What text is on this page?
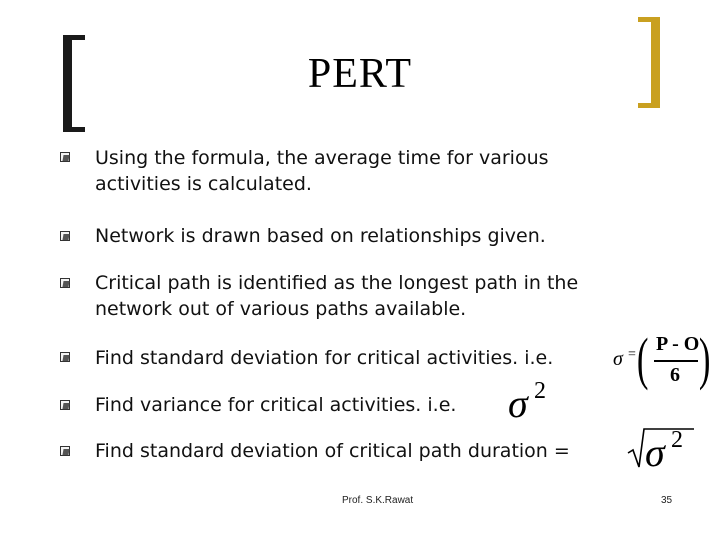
PERT
Using the formula, the average time for various
activities is calculated.
Network is drawn based on relationships given.
Critical path is identified as the longest path in the
network out of various paths available.
Find standard deviation for critical activities. i.e.
Find variance for critical activities. i.e.
Find standard deviation of critical path duration =
σ = ( P - O
6 )
σ 2
σ 2
Prof. S.K.Rawat	35
